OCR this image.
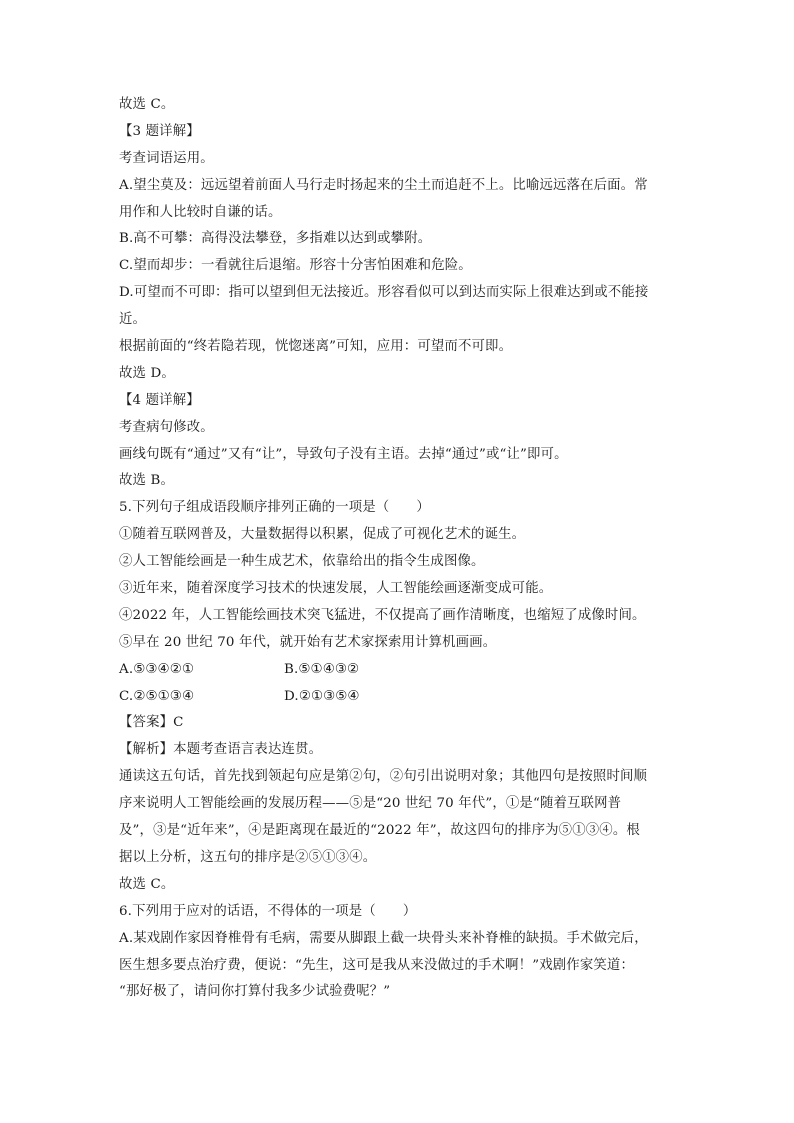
故选 C。
【3 题详解】
考查词语运用。
A.望尘莫及：远远望着前面人马行走时扬起来的尘土而追赶不上。比喻远远落在后面。常
用作和人比较时自谦的话。
B.高不可攀：高得没法攀登，多指难以达到或攀附。
C.望而却步：一看就往后退缩。形容十分害怕困难和危险。
D.可望而不可即：指可以望到但无法接近。形容看似可以到达而实际上很难达到或不能接
近。
根据前面的“终若隐若现，恍惚迷离”可知，应用：可望而不可即。
故选 D。
【4 题详解】
考查病句修改。
画线句既有“通过”又有“让”，导致句子没有主语。去掉“通过”或“让”即可。
故选 B。
5.下列句子组成语段顺序排列正确的一项是（　　）
①随着互联网普及，大量数据得以积累，促成了可视化艺术的诞生。
②人工智能绘画是一种生成艺术，依靠给出的指令生成图像。
③近年来，随着深度学习技术的快速发展，人工智能绘画逐渐变成可能。
④2022 年，人工智能绘画技术突飞猛进，不仅提高了画作清晰度，也缩短了成像时间。
⑤早在 20 世纪 70 年代，就开始有艺术家探索用计算机画画。
A.⑤③④②①	B.⑤①④③②
C.②⑤①③④	D.②①③⑤④
【答案】C
【解析】本题考查语言表达连贯。
通读这五句话，首先找到领起句应是第②句，②句引出说明对象；其他四句是按照时间顺
序来说明人工智能绘画的发展历程——⑤是“20 世纪 70 年代”，①是“随着互联网普
及”，③是“近年来”，④是距离现在最近的“2022 年”，故这四句的排序为⑤①③④。根
据以上分析，这五句的排序是②⑤①③④。
故选 C。
6.下列用于应对的话语，不得体的一项是（　　）
A.某戏剧作家因脊椎骨有毛病，需要从脚跟上截一块骨头来补脊椎的缺损。手术做完后，
医生想多要点治疗费，便说：“先生，这可是我从来没做过的手术啊！”戏剧作家笑道：
“那好极了，请问你打算付我多少试验费呢？”
